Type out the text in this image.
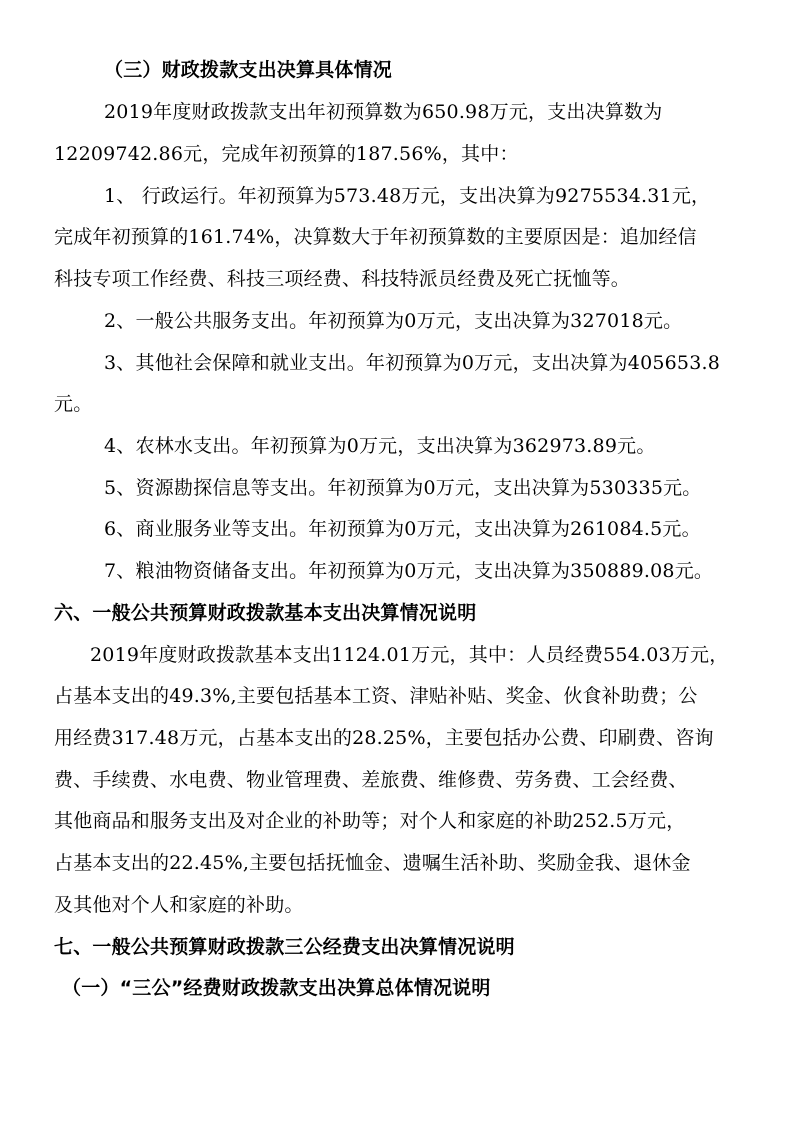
（三）财政拨款支出决算具体情况
2019年度财政拨款支出年初预算数为650.98万元，支出决算数为
12209742.86元，完成年初预算的187.56%，其中：
1、 行政运行。年初预算为573.48万元，支出决算为9275534.31元，
完成年初预算的161.74%，决算数大于年初预算数的主要原因是：追加经信
科技专项工作经费、科技三项经费、科技特派员经费及死亡抚恤等。
2、一般公共服务支出。年初预算为0万元，支出决算为327018元。
3、其他社会保障和就业支出。年初预算为0万元，支出决算为405653.8
元。
4、农林水支出。年初预算为0万元，支出决算为362973.89元。
5、资源勘探信息等支出。年初预算为0万元，支出决算为530335元。
6、商业服务业等支出。年初预算为0万元，支出决算为261084.5元。
7、粮油物资储备支出。年初预算为0万元，支出决算为350889.08元。
六、一般公共预算财政拨款基本支出决算情况说明
2019年度财政拨款基本支出1124.01万元，其中：人员经费554.03万元，
占基本支出的49.3%,主要包括基本工资、津贴补贴、奖金、伙食补助费；公
用经费317.48万元，占基本支出的28.25%，主要包括办公费、印刷费、咨询
费、手续费、水电费、物业管理费、差旅费、维修费、劳务费、工会经费、
其他商品和服务支出及对企业的补助等；对个人和家庭的补助252.5万元，
占基本支出的22.45%,主要包括抚恤金、遗嘱生活补助、奖励金我、退休金
及其他对个人和家庭的补助。
七、一般公共预算财政拨款三公经费支出决算情况说明
（一）“三公”经费财政拨款支出决算总体情况说明
